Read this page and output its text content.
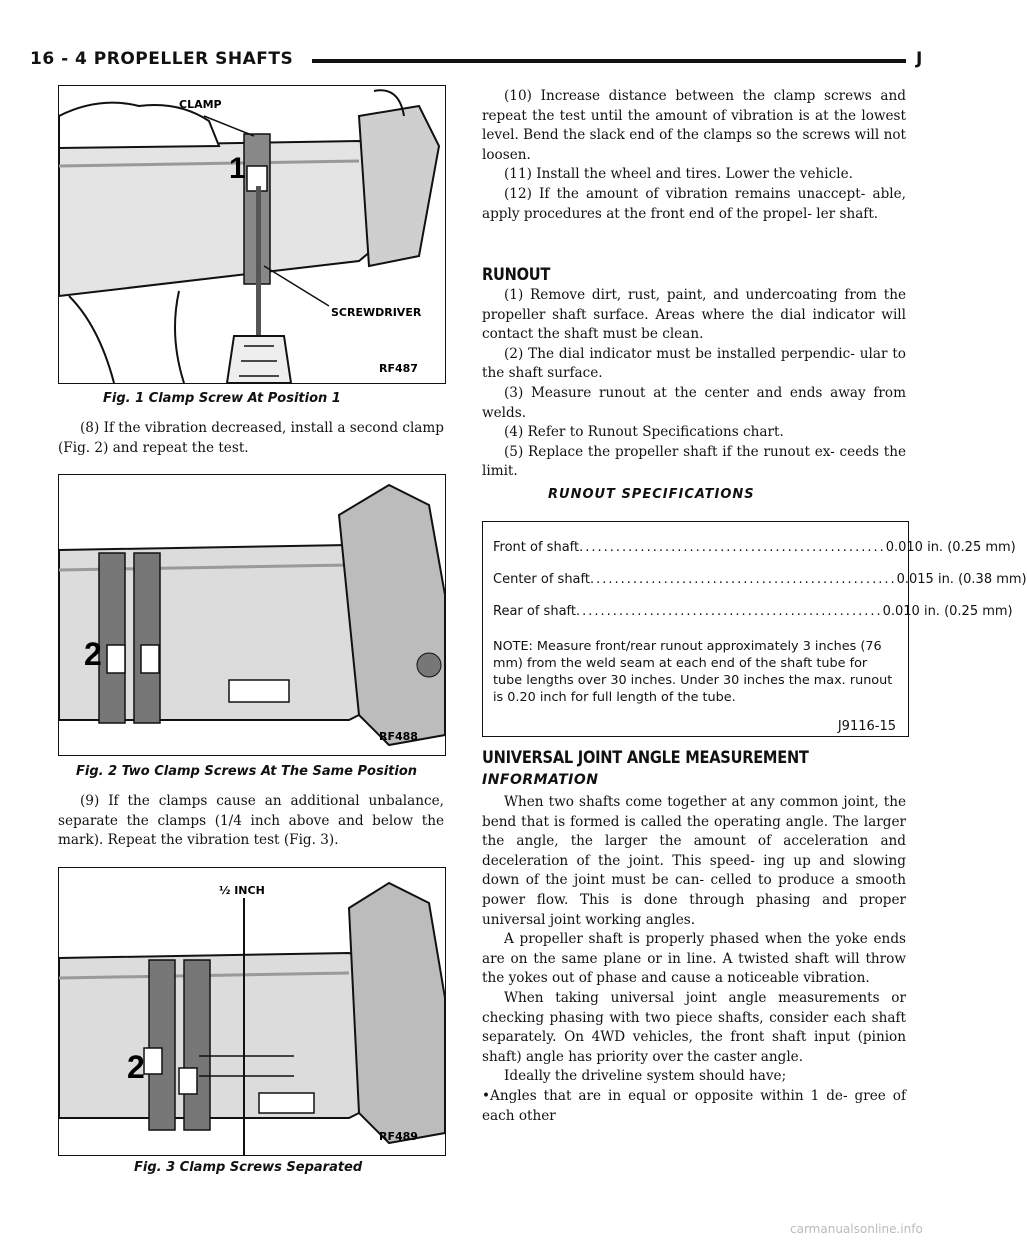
16 - 4 PROPELLER SHAFTS	J
CLAMP
1
SCREWDRIVER
RF487
Fig. 1 Clamp Screw At Position 1

(8) If the vibration decreased, install a second clamp (Fig. 2) and repeat the test.

2
RF488
Fig. 2 Two Clamp Screws At The Same Position

(9) If the clamps cause an additional unbalance, separate the clamps (1/4 inch above and below the mark). Repeat the vibration test (Fig. 3).

½ INCH
2
RF489
Fig. 3 Clamp Screws Separated

(10) Increase distance between the clamp screws and repeat the test until the amount of vibration is at the lowest level. Bend the slack end of the clamps so the screws will not loosen.

(11) Install the wheel and tires. Lower the vehicle.

(12) If the amount of vibration remains unaccept- able, apply procedures at the front end of the propel- ler shaft.

RUNOUT

(1) Remove dirt, rust, paint, and undercoating from the propeller shaft surface. Areas where the dial indicator will contact the shaft must be clean.

(2) The dial indicator must be installed perpendic- ular to the shaft surface.

(3) Measure runout at the center and ends away from welds.

(4) Refer to Runout Specifications chart.

(5) Replace the propeller shaft if the runout ex- ceeds the limit.

RUNOUT SPECIFICATIONS
Front of shaft .................................................. 0.010 in. (0.25 mm)
Center of shaft .................................................. 0.015 in. (0.38 mm)
Rear of shaft .................................................. 0.010 in. (0.25 mm)
NOTE: Measure front/rear runout approximately 3 inches (76 mm) from the weld seam at each end of the shaft tube for tube lengths over 30 inches. Under 30 inches the max. runout is 0.20 inch for full length of the tube.
J9116-15
UNIVERSAL JOINT ANGLE MEASUREMENT
INFORMATION

When two shafts come together at any common joint, the bend that is formed is called the operating angle. The larger the angle, the larger the amount of acceleration and deceleration of the joint. This speed- ing up and slowing down of the joint must be can- celled to produce a smooth power flow. This is done through phasing and proper universal joint working angles.

A propeller shaft is properly phased when the yoke ends are on the same plane or in line. A twisted shaft will throw the yokes out of phase and cause a noticeable vibration.

When taking universal joint angle measurements or checking phasing with two piece shafts, consider each shaft separately. On 4WD vehicles, the front shaft input (pinion shaft) angle has priority over the caster angle.

Ideally the driveline system should have;

•Angles that are in equal or opposite within 1 de- gree of each other

carmanualsonline.info
